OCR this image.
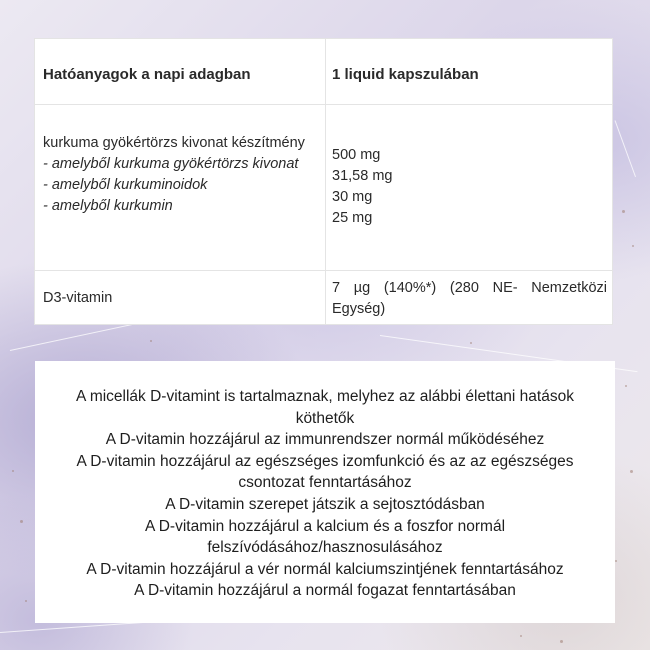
Hatóanyagok a napi adagban	1 liquid kapszulában
kurkuma gyökértörzs kivonat készítmény
- amelyből kurkuma gyökértörzs kivonat
- amelyből kurkuminoidok
- amelyből kurkumin
500 mg
31,58 mg
30 mg
25 mg
D3-vitamin
7 µg (140%*) (280 NE- Nemzetközi Egység)
A micellák D-vitamint is tartalmaznak, melyhez az alábbi élettani hatások köthetők
A D-vitamin hozzájárul az immunrendszer normál működéséhez
A D-vitamin hozzájárul az egészséges izomfunkció és az az egészséges csontozat fenntartásához
A D-vitamin szerepet játszik a sejtosztódásban
A D-vitamin hozzájárul a kalcium és a foszfor normál felszívódásához/hasznosulásához
A D-vitamin hozzájárul a vér normál kalciumszintjének fenntartásához
A D-vitamin hozzájárul a normál fogazat fenntartásában
